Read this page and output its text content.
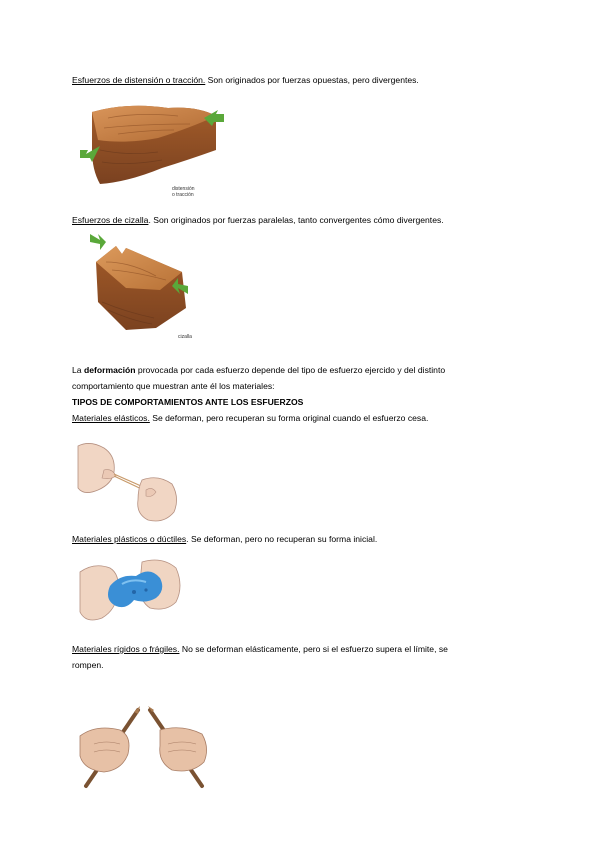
Esfuerzos de distensión o tracción. Son originados por fuerzas opuestas, pero divergentes.
distensión
o tracción
Esfuerzos de cizalla. Son originados por fuerzas paralelas, tanto convergentes cómo divergentes.
cizalla
La deformación provocada por cada esfuerzo depende del tipo de esfuerzo ejercido y del distinto
comportamiento que muestran ante él los materiales:
TIPOS DE COMPORTAMIENTOS ANTE LOS ESFUERZOS
Materiales elásticos. Se deforman, pero recuperan su forma original cuando el esfuerzo cesa.
Materiales plásticos o dúctiles. Se deforman, pero no recuperan su forma inicial.
Materiales rígidos o frágiles. No se deforman elásticamente, pero si el esfuerzo supera el límite, se
rompen.
